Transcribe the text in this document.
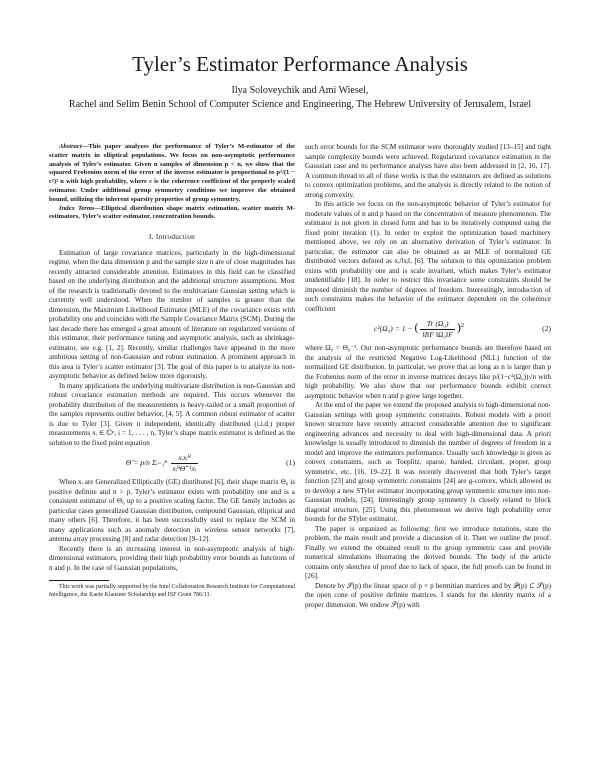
Tyler’s Estimator Performance Analysis
Ilya Soloveychik and Ami Wiesel,
Rachel and Selim Benin School of Computer Science and Engineering, The Hebrew University of Jerusalem, Israel

Abstract—This paper analyzes the performance of Tyler’s M-estimator of the scatter matrix in elliptical populations. We focus on non-asymptotic performance analysis of Tyler’s estimator. Given n samples of dimension p < n, we show that the squared Frobenius norm of the error of the inverse estimator is proportional to p²/(1 − c²)² n with high probability, where c is the coherence coefficient of the properly scaled estimator. Under additional group symmetry conditions we improve the obtained bound, utilizing the inherent sparsity properties of group symmetry.

Index Terms—Elliptical distribution shape matrix estimation, scatter matrix M-estimators, Tyler’s scatter estimator, concentration bounds.

I. Introduction

Estimation of large covariance matrices, particularly in the high-dimensional regime, when the data dimension p and the sample size n are of close magnitudes has recently attracted considerable attention. Estimators in this field can be classified based on the underlying distribution and the additional structure assumptions. Most of the research is traditionally devoted to the multivariate Gaussian setting which is currently well understood. When the number of samples is greater than the dimension, the Maximum Likelihood Estimator (MLE) of the covariance exists with probability one and coincides with the Sample Covariance Matrix (SCM). During the last decade there has emerged a great amount of literature on regularized versions of this estimator, their performance tuning and asymptotic analysis, such as shrinkage-estimator, see e.g. [1, 2]. Recently, similar challenges have appeared in the more ambitious setting of non-Gaussian and robust estimation. A prominent approach in this area is Tyler’s scatter estimator [3]. The goal of this paper is to analyze its non-asymptotic behavior as defined below more rigorously.

In many applications the underlying multivariate distribution is non-Gaussian and robust covariance estimation methods are required. This occurs whenever the probability distribution of the measurements is heavy-tailed or a small proportion of the samples represents outlier behavior, [4, 5]. A common robust estimator of scatter is due to Tyler [3]. Given n independent, identically distributed (i.i.d.) proper measurements xᵢ ∈ ℂᵖ, i = 1, . . . , n, Tyler’s shape matrix estimator is defined as the solution to the fixed point equation

Θ̂ = p/n Σᵢ₌₁ⁿ $\frac{\text{xᵢxᵢᴴ}}{\text{xᵢᴴΘ̂⁻¹xᵢ}}$	(1)

When xᵢ are Generalized Elliptically (GE) distributed [6], their shape matrix Θ₀ is positive definite and n > p, Tyler’s estimator exists with probability one and is a consistent estimator of Θ₀ up to a positive scaling factor. The GE family includes as particular cases generalized Gaussian distribution, compound Gaussian, elliptical and many others [6]. Therefore, it has been successfully used to replace the SCM in many applications such as anomaly detection in wireless sensor networks [7], antenna array processing [8] and radar detection [9–12].

Recently there is an increasing interest in non-asymptotic analysis of high-dimensional estimators, providing their high probability error bounds as functions of n and p. In the case of Gaussian populations,

This work was partially supported by the Intel Collaboration Research Institute for Computational Intelligence, the Kaete Klausner Scholarship and ISF Grant 786/11.

such error bounds for the SCM estimator were thoroughly studied [13–15] and tight sample complexity bounds were achieved. Regularized covariance estimation in the Gaussian case and its performance analysis have also been addressed in [2, 16, 17]. A common thread to all of these works is that the estimators are defined as solutions to convex optimization problems, and the analysis is directly related to the notion of strong convexity.

In this article we focus on the non-asymptotic behavior of Tyler’s estimator for moderate values of n and p based on the concentration of measure phenomenon. The estimator is not given in closed form and has to be iteratively computed using the fixed point iteration (1). In order to exploit the optimization based machinery mentioned above, we rely on an alternative derivation of Tyler’s estimator. In particular, the estimator can also be obtained as an MLE of normalized GE distributed vectors defined as xᵢ/‖xᵢ‖, [6]. The solution to this optimization problem exists with probability one and is scale invariant, which makes Tyler’s estimator unidentifiable [18]. In order to restrict this invariance some constraints should be imposed diminish the number of degrees of freedom. Interestingly, introduction of such constraints makes the behavior of the estimator dependent on the coherence coefficient

c²(Ω₀) = 1 − ( $\frac{\text{Tr (Ω₀)}}{\text{‖I‖F ‖Ω₀‖F}} )^2$	(2)

where Ω₀ = Θ₀⁻¹. Our non-asymptotic performance bounds are therefore based on the analysis of the restricted Negative Log-Likelihood (NLL) function of the normalized GE distribution. In particular, we prove that as long as n is larger than p the Frobenius norm of the error in inverse matrices decays like p/(1−c²(Ω₀))√n with high probability. We also show that our performance bounds exhibit correct asymptotic behavior when n and p grow large together.

At the end of the paper we extend the proposed analysis to high-dimensional non-Gaussian settings with group symmetric constraints. Robust models with a priori known structure have recently attracted considerable attention due to significant engineering advances and necessity to deal with high-dimensional data. A priori knowledge is usually introduced to diminish the number of degrees of freedom in a model and improve the estimators performance. Usually such knowledge is given as convex constraints, such as Toeplitz, sparse, banded, circulant, proper, group symmetric, etc, [16, 19–22]. It was recently discovered that both Tyler’s target function [23] and group symmetric constraints [24] are g-convex, which allowed us to develop a new STyler estimator incorporating group symmetric structure into non-Gaussian models, [24]. Interestingly group symmetry is closely related to block diagonal structure, [25]. Using this phenomenon we derive high probability error bounds for the STyler estimator.

The paper is organized as following: first we introduce notations, state the problem, the main result and provide a discussion of it. Then we outline the proof. Finally we extend the obtained result to the group symmetric case and provide numerical simulations illustrating the derived bounds. The body of the article contains only sketches of proof due to lack of space, the full proofs can be found in [26].

Denote by 𝒮(p) the linear space of p × p hermitian matrices and by 𝒫(p) ⊂ 𝒮(p) the open cone of positive definite matrices. I stands for the identity matrix of a proper dimension. We endow 𝒮(p) with
